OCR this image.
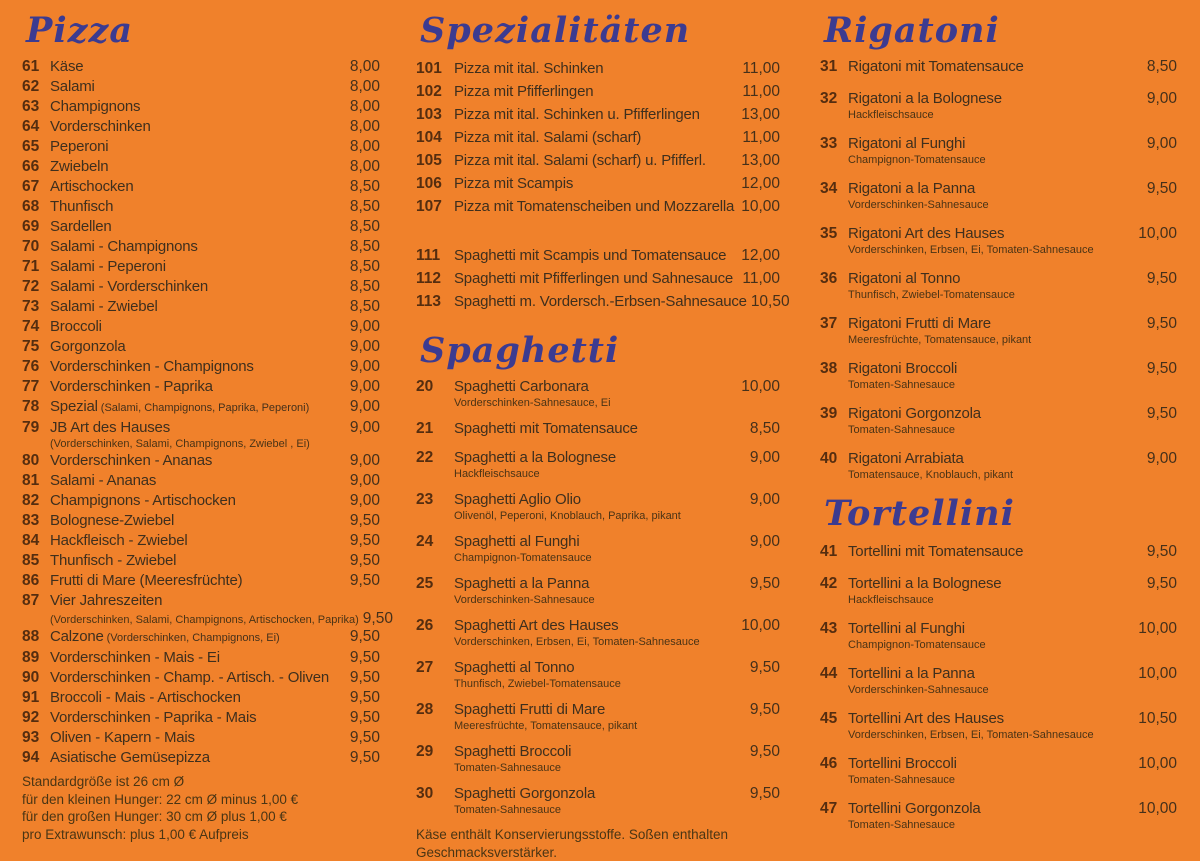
Pizza
61 Käse	8,00
62 Salami	8,00
63 Champignons	8,00
64 Vorderschinken	8,00
65 Peperoni	8,00
66 Zwiebeln	8,00
67 Artischocken	8,50
68 Thunfisch	8,50
69 Sardellen	8,50
70 Salami - Champignons	8,50
71 Salami - Peperoni	8,50
72 Salami - Vorderschinken	8,50
73 Salami - Zwiebel	8,50
74 Broccoli	9,00
75 Gorgonzola	9,00
76 Vorderschinken - Champignons	9,00
77 Vorderschinken - Paprika	9,00
78 Spezial (Salami, Champignons, Paprika, Peperoni)	9,00
79 JB Art des Hauses	9,00
(Vorderschinken, Salami, Champignons, Zwiebel , Ei)
80 Vorderschinken - Ananas	9,00
81 Salami - Ananas	9,00
82 Champignons - Artischocken	9,00
83 Bolognese-Zwiebel	9,50
84 Hackfleisch - Zwiebel	9,50
85 Thunfisch - Zwiebel	9,50
86 Frutti di Mare (Meeresfrüchte)	9,50
87 Vier Jahreszeiten
(Vorderschinken, Salami, Champignons, Artischocken, Paprika) 9,50
88 Calzone (Vorderschinken, Champignons, Ei)	9,50
89 Vorderschinken - Mais - Ei	9,50
90 Vorderschinken - Champ. - Artisch. - Oliven 9,50
91 Broccoli - Mais - Artischocken	9,50
92 Vorderschinken - Paprika - Mais	9,50
93 Oliven - Kapern - Mais	9,50
94 Asiatische Gemüsepizza	9,50
Standardgröße ist 26 cm Ø
für den kleinen Hunger: 22 cm Ø minus 1,00 €
für den großen Hunger: 30 cm Ø plus 1,00 €
pro Extrawunsch: plus 1,00 € Aufpreis
Spezialitäten
101 Pizza mit ital. Schinken	11,00
102 Pizza mit Pfifferlingen	11,00
103 Pizza mit ital. Schinken u. Pfifferlingen	13,00
104 Pizza mit ital. Salami (scharf)	11,00
105 Pizza mit ital. Salami (scharf) u. Pfifferl. 13,00
106 Pizza mit Scampis	12,00
107 Pizza mit Tomatenscheiben und Mozzarella 10,00
111 Spaghetti mit Scampis und Tomatensauce 12,00
112 Spaghetti mit Pfifferlingen und Sahnesauce 11,00
113 Spaghetti m. Vordersch.-Erbsen-Sahnesauce 10,50
Spaghetti
20	Spaghetti Carbonara	10,00
Vorderschinken-Sahnesauce, Ei
21	Spaghetti mit Tomatensauce	8,50
22	Spaghetti a la Bolognese	9,00
Hackfleischsauce
23	Spaghetti Aglio Olio	9,00
Olivenöl, Peperoni, Knoblauch, Paprika, pikant
24	Spaghetti al Funghi	9,00
Champignon-Tomatensauce
25	Spaghetti a la Panna	9,50
Vorderschinken-Sahnesauce
26	Spaghetti Art des Hauses	10,00
Vorderschinken, Erbsen, Ei, Tomaten-Sahnesauce
27	Spaghetti al Tonno	9,50
Thunfisch, Zwiebel-Tomatensauce
28	Spaghetti Frutti di Mare	9,50
Meeresfrüchte, Tomatensauce, pikant
29	Spaghetti Broccoli	9,50
Tomaten-Sahnesauce
30	Spaghetti Gorgonzola	9,50
Tomaten-Sahnesauce
Käse enthält Konservierungsstoffe. Soßen enthalten Geschmacksverstärker.
Rigatoni
31 Rigatoni mit Tomatensauce	8,50
32 Rigatoni a la Bolognese	9,00
Hackfleischsauce
33 Rigatoni al Funghi	9,00
Champignon-Tomatensauce
34 Rigatoni a la Panna	9,50
Vorderschinken-Sahnesauce
35 Rigatoni Art des Hauses	10,00
Vorderschinken, Erbsen, Ei, Tomaten-Sahnesauce
36 Rigatoni al Tonno	9,50
Thunfisch, Zwiebel-Tomatensauce
37 Rigatoni Frutti di Mare	9,50
Meeresfrüchte, Tomatensauce, pikant
38 Rigatoni Broccoli	9,50
Tomaten-Sahnesauce
39 Rigatoni Gorgonzola	9,50
Tomaten-Sahnesauce
40 Rigatoni Arrabiata	9,00
Tomatensauce, Knoblauch, pikant
Tortellini
41 Tortellini mit Tomatensauce	9,50
42 Tortellini a la Bolognese	9,50
Hackfleischsauce
43 Tortellini al Funghi	10,00
Champignon-Tomatensauce
44 Tortellini a la Panna	10,00
Vorderschinken-Sahnesauce
45 Tortellini Art des Hauses	10,50
Vorderschinken, Erbsen, Ei, Tomaten-Sahnesauce
46 Tortellini Broccoli	10,00
Tomaten-Sahnesauce
47 Tortellini Gorgonzola	10,00
Tomaten-Sahnesauce
